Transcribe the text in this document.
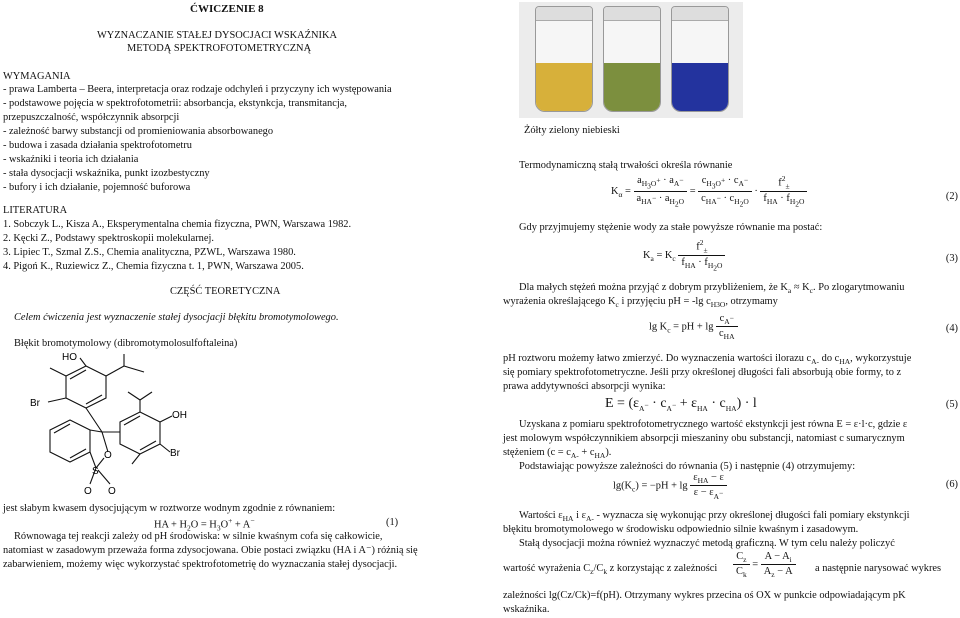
ĆWICZENIE 8
WYZNACZANIE STAŁEJ DYSOCJACI WSKAŹNIKA
METODĄ SPEKTROFOTOMETRYCZNĄ
WYMAGANIA
- prawa Lamberta – Beera, interpretacja oraz rodzaje odchyleń i przyczyny ich występowania
- podstawowe pojęcia w spektrofotometrii: absorbancja, ekstynkcja, transmitancja,
przepuszczalność, współczynnik absorpcji
- zależność barwy substancji od promieniowania absorbowanego
- budowa i zasada działania spektrofotometru
- wskaźniki i teoria ich działania
- stała dysocjacji wskaźnika, punkt izozbestyczny
- bufory i ich działanie, pojemność buforowa
LITERATURA
1. Sobczyk L., Kisza A., Eksperymentalna chemia fizyczna, PWN, Warszawa 1982.
2. Kęcki Z., Podstawy spektroskopii molekularnej.
3. Lipiec T., Szmal Z.S., Chemia analityczna, PZWL, Warszawa 1980.
4. Pigoń K., Ruziewicz Z., Chemia fizyczna t. 1, PWN, Warszawa 2005.
CZĘŚĆ TEORETYCZNA
Celem ćwiczenia jest wyznaczenie stałej dysocjacji błękitu bromotymolowego.
Błękit bromotymolowy (dibromotymolosulfoftaleina)
HO
Br
OH
Br
O
S
O O
jest słabym kwasem dysocjującym w roztworze wodnym zgodnie z równaniem:
HA + $H_2O = H_3O^+ + A^-$	(1)
Równowaga tej reakcji zależy od pH środowiska: w silnie kwaśnym cofa się całkowicie,
natomiast w zasadowym przeważa forma zdysocjowana. Obie postaci związku (HA i A⁻) różnią się
zabarwieniem, możemy więc wykorzystać spektrofotometrię do wyznaczania stałej dysocjacji.
Żółty zielony niebieski
Termodynamiczną stałą trwałości określa równanie
$K_\alpha = \frac{a_{H_3O^+} \cdot a_{A^-}}{a_{HA^-} \cdot a_{H_2O}} = \frac{c_{H_3O^+} \cdot c_{A^-}}{c_{HA^-} \cdot c_{H_2O}} \cdot \frac{f^2_\pm}{f_{HA} \cdot f_{H_2O}}$	(2)
Gdy przyjmujemy stężenie wody za stałe powyższe równanie ma postać:
$K_a = K_c \frac{f^2_\pm}{f_{HA} \cdot f_{H_2O}}$	(3)
Dla małych stężeń można przyjąć z dobrym przybliżeniem, że $K_a \approx K_c$. Po zlogarytmowaniu
wyrażenia określającego $K_c$ i przyjęciu pH = -lg $c_{H3O}$, otrzymamy
$\lg K_c$ = pH + $\lg \frac{c_{A^-}}{c_{HA}}$	(4)
pH roztworu możemy łatwo zmierzyć. Do wyznaczenia wartości ilorazu $c_{A-}$ do $c_{HA}$, wykorzystuje
się pomiary spektrofotometryczne. Jeśli przy określonej długości fali absorbują obie formy, to z
prawa addytywności absorpcji wynika:
$E = (\varepsilon_{A^-} \cdot c_{A^-} + \varepsilon_{HA} \cdot c_{HA}) \cdot l$	(5)
Uzyskana z pomiaru spektrofotometrycznego wartość ekstynkcji jest równa E = ε·l·c, gdzie ε
jest molowym współczynnikiem absorpcji mieszaniny obu substancji, natomiast c sumarycznym
stężeniem $(c = c_{A-} + c_{HA})$.
Podstawiając powyższe zależności do równania (5) i następnie (4) otrzymujemy:
$\lg(K_c) = -pH + \lg \frac{\varepsilon_{HA} - \varepsilon}{\varepsilon - \varepsilon_{A^-}}$	(6)
Wartości $\varepsilon_{HA}$ i $\varepsilon_{A-}$ - wyznacza się wykonując przy określonej długości fali pomiary ekstynkcji
błękitu bromotymolowego w środowisku odpowiednio silnie kwaśnym i zasadowym.
Stałą dysocjacji można również wyznaczyć metodą graficzną. W tym celu należy policzyć
wartość wyrażenia $C_z/C_k$ z korzystając z zależności $\frac{C_z}{C_k} = \frac{A - A_i}{A_z - A}$ a następnie narysować wykres
zależności lg(Cz/Ck)=f(pH). Otrzymany wykres przecina oś OX w punkcie odpowiadającym pK
wskaźnika.
